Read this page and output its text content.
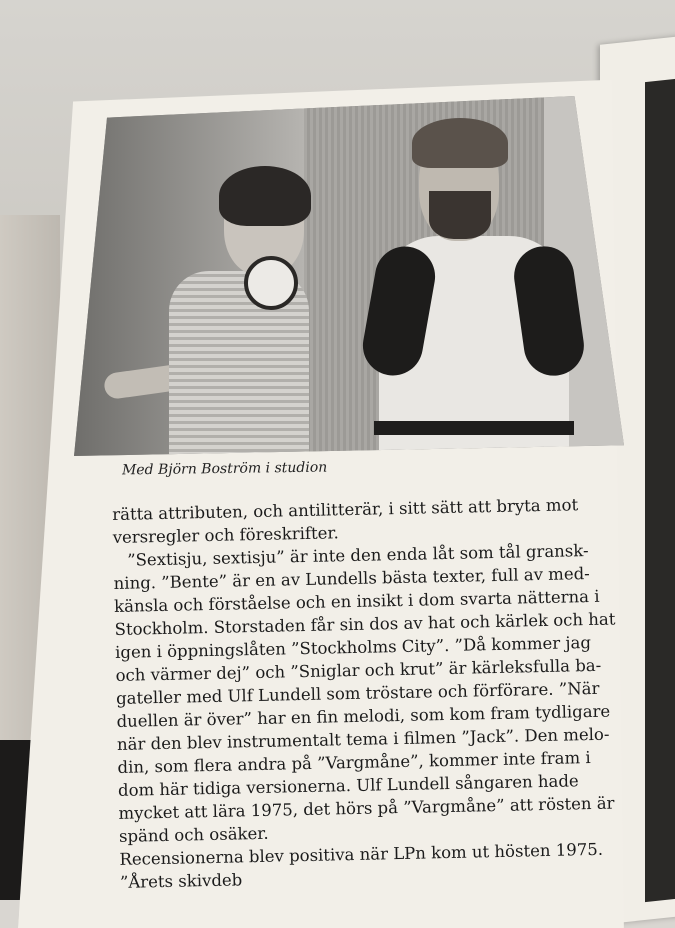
Med Björn Boström i studion
rätta attributen, och antilitterär, i sitt sätt att bryta mot
versregler och föreskrifter.
”Sextisju, sextisju” är inte den enda låt som tål gransk-
ning. ”Bente” är en av Lundells bästa texter, full av med-
känsla och förståelse och en insikt i dom svarta nätterna i
Stockholm. Storstaden får sin dos av hat och kärlek och hat
igen i öppningslåten ”Stockholms City”. ”Då kommer jag
och värmer dej” och ”Sniglar och krut” är kärleksfulla ba-
gateller med Ulf Lundell som tröstare och förförare. ”När
duellen är över” har en fin melodi, som kom fram tydligare
när den blev instrumentalt tema i filmen ”Jack”. Den melo-
din, som flera andra på ”Vargmåne”, kommer inte fram i
dom här tidiga versionerna. Ulf Lundell sångaren hade
mycket att lära 1975, det hörs på ”Vargmåne” att rösten är
spänd och osäker.
Recensionerna blev positiva när LPn kom ut hösten 1975.
”Årets skivdeb
